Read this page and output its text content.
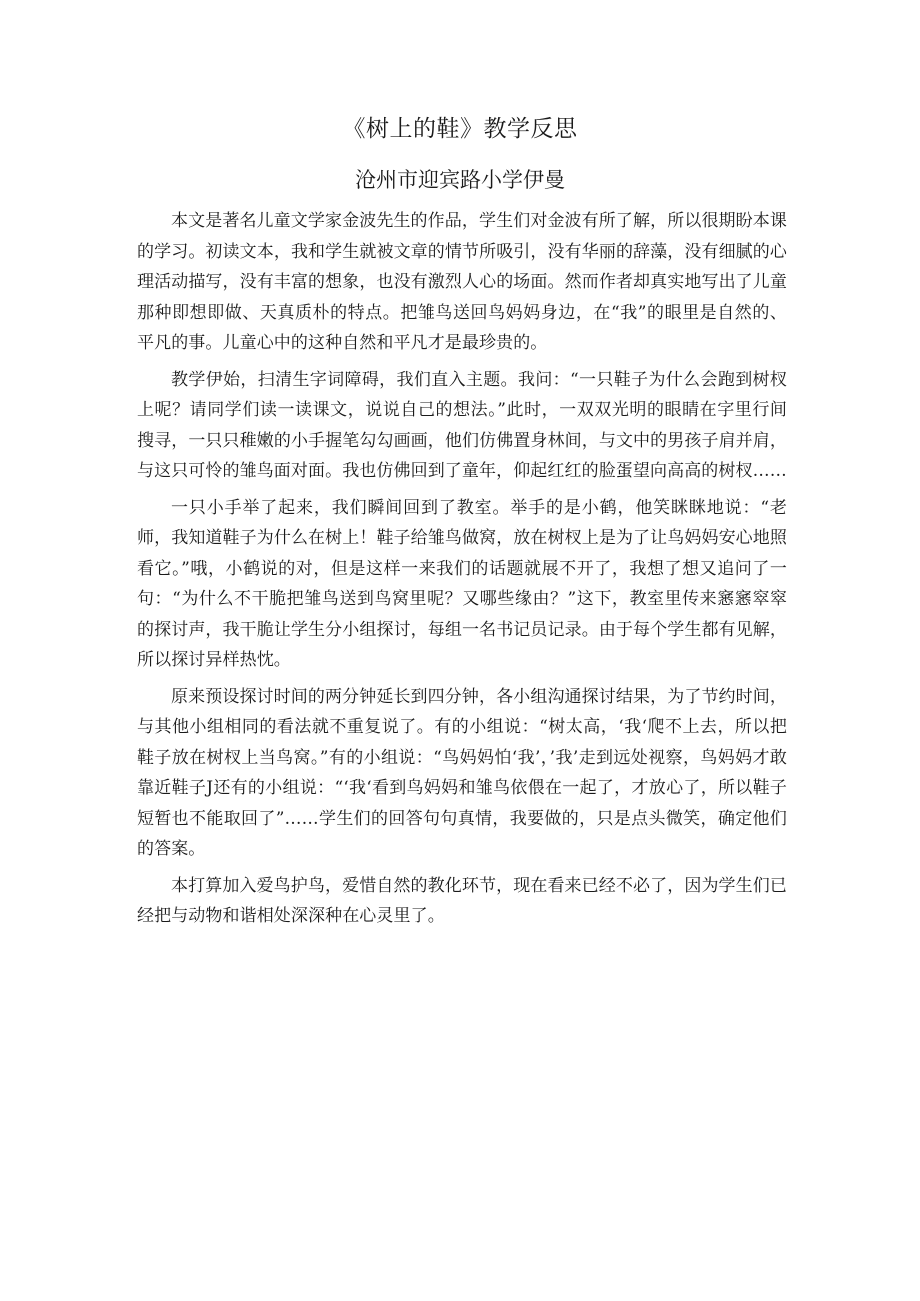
《树上的鞋》教学反思
沧州市迎宾路小学伊曼

本文是著名儿童文学家金波先生的作品，学生们对金波有所了解，所以很期盼本课的学习。初读文本，我和学生就被文章的情节所吸引，没有华丽的辞藻，没有细腻的心理活动描写，没有丰富的想象，也没有激烈人心的场面。然而作者却真实地写出了儿童那种即想即做、天真质朴的特点。把雏鸟送回鸟妈妈身边，在“我”的眼里是自然的、平凡的事。儿童心中的这种自然和平凡才是最珍贵的。

教学伊始，扫清生字词障碍，我们直入主题。我问：“一只鞋子为什么会跑到树杈上呢？请同学们读一读课文，说说自己的想法。”此时，一双双光明的眼睛在字里行间搜寻，一只只稚嫩的小手握笔勾勾画画，他们仿佛置身林间，与文中的男孩子肩并肩，与这只可怜的雏鸟面对面。我也仿佛回到了童年，仰起红红的脸蛋望向高高的树杈……

一只小手举了起来，我们瞬间回到了教室。举手的是小鹤，他笑眯眯地说：“老师，我知道鞋子为什么在树上！鞋子给雏鸟做窝，放在树杈上是为了让鸟妈妈安心地照看它。”哦，小鹤说的对，但是这样一来我们的话题就展不开了，我想了想又追问了一句：“为什么不干脆把雏鸟送到鸟窝里呢？又哪些缘由？”这下，教室里传来窸窸窣窣的探讨声，我干脆让学生分小组探讨，每组一名书记员记录。由于每个学生都有见解，所以探讨异样热忱。

原来预设探讨时间的两分钟延长到四分钟，各小组沟通探讨结果，为了节约时间，与其他小组相同的看法就不重复说了。有的小组说：“树太高，‘我‘爬不上去，所以把鞋子放在树杈上当鸟窝。”有的小组说：“鸟妈妈怕‘我’，’我’走到远处视察，鸟妈妈才敢靠近鞋子J还有的小组说：“‘我‘看到鸟妈妈和雏鸟依偎在一起了，才放心了，所以鞋子短暂也不能取回了”……学生们的回答句句真情，我要做的，只是点头微笑，确定他们的答案。

本打算加入爱鸟护鸟，爱惜自然的教化环节，现在看来已经不必了，因为学生们已经把与动物和谐相处深深种在心灵里了。
